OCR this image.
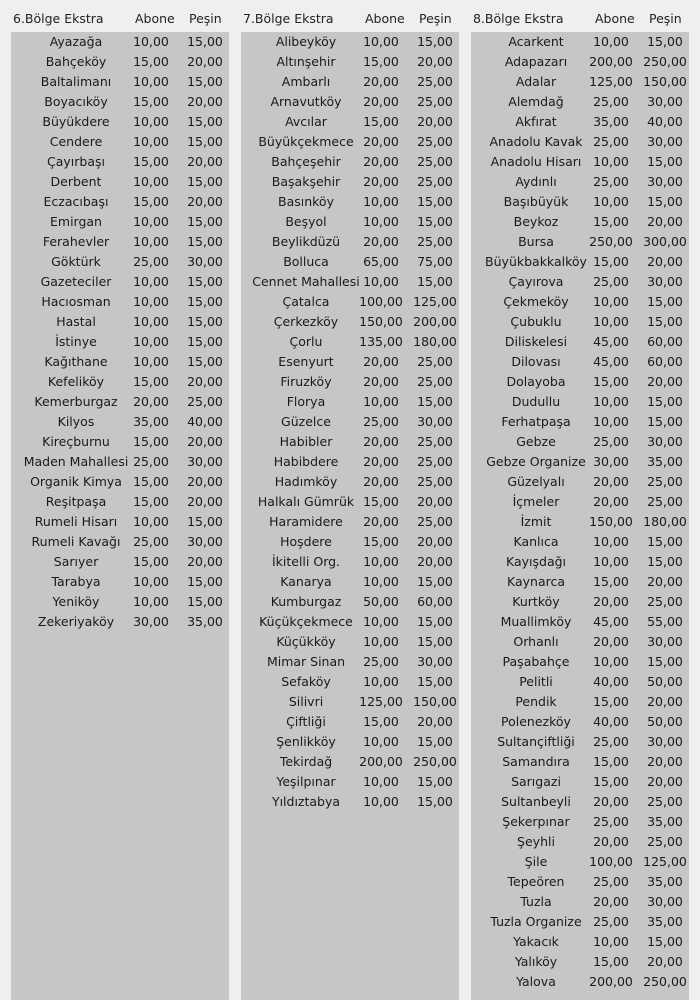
6.Bölge Ekstra	Abone Peşin
Ayazağa	10,00	15,00
Bahçeköy	15,00	20,00
Baltalimanı	10,00	15,00
Boyacıköy	15,00	20,00
Büyükdere	10,00	15,00
Cendere	10,00	15,00
Çayırbaşı	15,00	20,00
Derbent	10,00	15,00
Eczacıbaşı	15,00	20,00
Emirgan	10,00	15,00
Ferahevler	10,00	15,00
Göktürk	25,00	30,00
Gazeteciler	10,00	15,00
Hacıosman	10,00	15,00
Hastal	10,00	15,00
İstinye	10,00	15,00
Kağıthane	10,00	15,00
Kefeliköy	15,00	20,00
Kemerburgaz	20,00	25,00
Kilyos	35,00	40,00
Kireçburnu	15,00	20,00
Maden Mahallesi 25,00	30,00
Organik Kimya 15,00	20,00
Reşitpaşa	15,00	20,00
Rumeli Hisarı	10,00	15,00
Rumeli Kavağı	25,00	30,00
Sarıyer	15,00	20,00
Tarabya	10,00	15,00
Yeniköy	10,00	15,00
Zekeriyaköy	30,00	35,00
7.Bölge Ekstra	Abone Peşin
Alibeyköy	10,00	15,00
Altınşehir	15,00	20,00
Ambarlı	20,00	25,00
Arnavutköy	20,00	25,00
Avcılar	15,00	20,00
Büyükçekmece 20,00	25,00
Bahçeşehir	20,00	25,00
Başakşehir	20,00	25,00
Basınköy	10,00	15,00
Beşyol	10,00	15,00
Beylikdüzü	20,00	25,00
Bolluca	65,00	75,00
Cennet Mahallesi 10,00	15,00
Çatalca	100,00 125,00
Çerkezköy	150,00 200,00
Çorlu	135,00 180,00
Esenyurt	20,00	25,00
Firuzköy	20,00	25,00
Florya	10,00	15,00
Güzelce	25,00	30,00
Habibler	20,00	25,00
Habibdere	20,00	25,00
Hadımköy	20,00	25,00
Halkalı Gümrük 15,00	20,00
Haramidere	20,00	25,00
Hoşdere	15,00	20,00
İkitelli Org.	10,00	20,00
Kanarya	10,00	15,00
Kumburgaz	50,00	60,00
Küçükçekmece 10,00	15,00
Küçükköy	10,00	15,00
Mimar Sinan	25,00	30,00
Sefaköy	10,00	15,00
Silivri	125,00 150,00
Çiftliği	15,00	20,00
Şenlikköy	10,00	15,00
Tekirdağ	200,00 250,00
Yeşilpınar	10,00	15,00
Yıldıztabya	10,00	15,00
8.Bölge Ekstra	Abone Peşin
Acarkent	10,00	15,00
Adapazarı	200,00 250,00
Adalar	125,00 150,00
Alemdağ	25,00	30,00
Akfırat	35,00	40,00
Anadolu Kavak 25,00	30,00
Anadolu Hisarı 10,00	15,00
Aydınlı	25,00	30,00
Başıbüyük	10,00	15,00
Beykoz	15,00	20,00
Bursa	250,00 300,00
Büyükbakkalköy 15,00	20,00
Çayırova	25,00	30,00
Çekmeköy	10,00	15,00
Çubuklu	10,00	15,00
Diliskelesi	45,00	60,00
Dilovası	45,00	60,00
Dolayoba	15,00	20,00
Dudullu	10,00	15,00
Ferhatpaşa	10,00	15,00
Gebze	25,00	30,00
Gebze Organize 30,00	35,00
Güzelyalı	20,00	25,00
İçmeler	20,00	25,00
İzmit	150,00 180,00
Kanlıca	10,00	15,00
Kayışdağı	10,00	15,00
Kaynarca	15,00	20,00
Kurtköy	20,00	25,00
Muallimköy	45,00	55,00
Orhanlı	20,00	30,00
Paşabahçe	10,00	15,00
Pelitli	40,00	50,00
Pendik	15,00	20,00
Polenezköy	40,00	50,00
Sultançiftliği	25,00	30,00
Samandıra	15,00	20,00
Sarıgazi	15,00	20,00
Sultanbeyli	20,00	25,00
Şekerpınar	25,00	35,00
Şeyhli	20,00	25,00
Şile	100,00 125,00
Tepeören	25,00	35,00
Tuzla	20,00	30,00
Tuzla Organize 25,00	35,00
Yakacık	10,00	15,00
Yalıköy	15,00	20,00
Yalova	200,00 250,00
